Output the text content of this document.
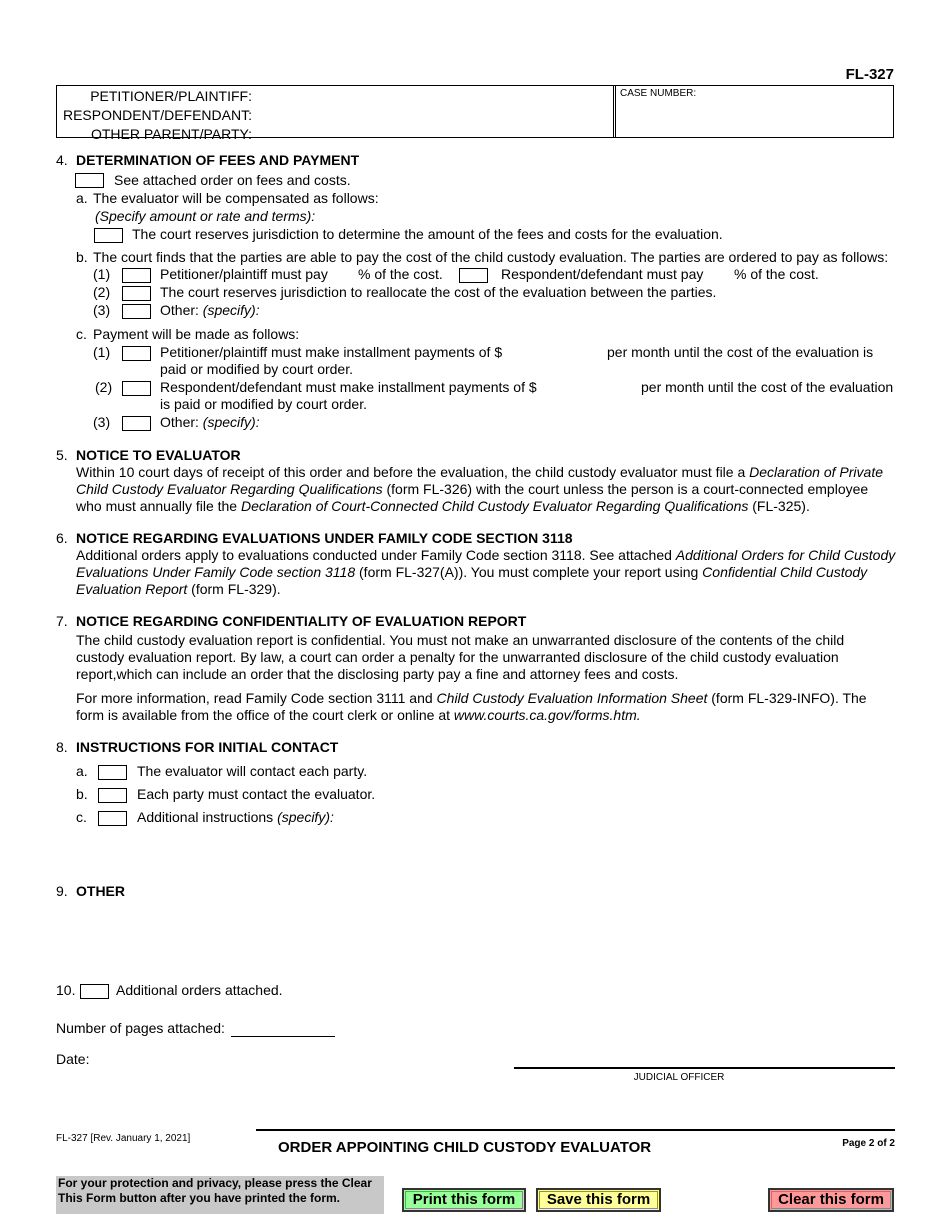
FL-327
PETITIONER/PLAINTIFF:
RESPONDENT/DEFENDANT:
OTHER PARENT/PARTY:
CASE NUMBER:
4. DETERMINATION OF FEES AND PAYMENT
See attached order on fees and costs.
a. The evaluator will be compensated as follows:
(Specify amount or rate and terms):
The court reserves jurisdiction to determine the amount of the fees and costs for the evaluation.
b. The court finds that the parties are able to pay the cost of the child custody evaluation. The parties are ordered to pay as follows:
(1)	Petitioner/plaintiff must pay % of the cost.	Respondent/defendant must pay % of the cost.
(2)	The court reserves jurisdiction to reallocate the cost of the evaluation between the parties.
(3)	Other: (specify):
c. Payment will be made as follows:
(1)	Petitioner/plaintiff must make installment payments of $	per month until the cost of the evaluation is
paid or modified by court order.
(2)	Respondent/defendant must make installment payments of $	per month until the cost of the evaluation
is paid or modified by court order.
(3)	Other: (specify):
5. NOTICE TO EVALUATOR
Within 10 court days of receipt of this order and before the evaluation, the child custody evaluator must file a Declaration of Private Child Custody Evaluator Regarding Qualifications (form FL-326) with the court unless the person is a court-connected employee who must annually file the Declaration of Court-Connected Child Custody Evaluator Regarding Qualifications (FL-325).
6. NOTICE REGARDING EVALUATIONS UNDER FAMILY CODE SECTION 3118
Additional orders apply to evaluations conducted under Family Code section 3118. See attached Additional Orders for Child Custody Evaluations Under Family Code section 3118 (form FL-327(A)). You must complete your report using Confidential Child Custody Evaluation Report (form FL-329).
7. NOTICE REGARDING CONFIDENTIALITY OF EVALUATION REPORT
The child custody evaluation report is confidential. You must not make an unwarranted disclosure of the contents of the child custody evaluation report. By law, a court can order a penalty for the unwarranted disclosure of the child custody evaluation report,which can include an order that the disclosing party pay a fine and attorney fees and costs.
For more information, read Family Code section 3111 and Child Custody Evaluation Information Sheet (form FL-329-INFO). The form is available from the office of the court clerk or online at www.courts.ca.gov/forms.htm.
8. INSTRUCTIONS FOR INITIAL CONTACT
a.	The evaluator will contact each party.
b.	Each party must contact the evaluator.
c.	Additional instructions (specify):
9. OTHER
10.	Additional orders attached.
Number of pages attached:
Date:
JUDICIAL OFFICER
FL-327 [Rev. January 1, 2021]
ORDER APPOINTING CHILD CUSTODY EVALUATOR	Page 2 of 2
For your protection and privacy, please press the Clear This Form button after you have printed the form.	Print this form	Save this form	Clear this form
